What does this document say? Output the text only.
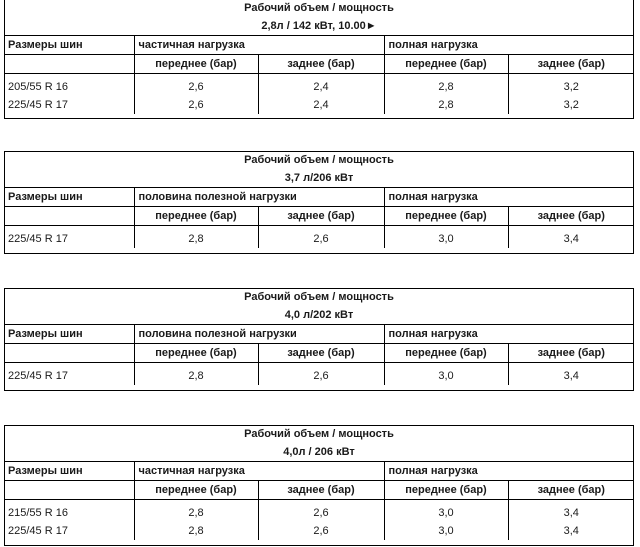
Рабочий объем / мощность				
2,8л / 142 кВт, 10.00►				
Размеры шин	частичная нагрузка		полная нагрузка	
	переднее (бар)	заднее (бар)	переднее (бар)	заднее (бар)

205/55 R 16	2,6	2,4	2,8	3,2
225/45 R 17	2,6	2,4	2,8	3,2
Рабочий объем / мощность				
3,7 л/206 кВт				
Размеры шин	половина полезной нагрузки		полная нагрузка	
	переднее (бар)	заднее (бар)	переднее (бар)	заднее (бар)

225/45 R 17	2,8	2,6	3,0	3,4
Рабочий объем / мощность				
4,0 л/202 кВт				
Размеры шин	половина полезной нагрузки		полная нагрузка	
	переднее (бар)	заднее (бар)	переднее (бар)	заднее (бар)

225/45 R 17	2,8	2,6	3,0	3,4
Рабочий объем / мощность				
4,0л / 206 кВт				
Размеры шин	частичная нагрузка		полная нагрузка	
	переднее (бар)	заднее (бар)	переднее (бар)	заднее (бар)

215/55 R 16	2,8	2,6	3,0	3,4
225/45 R 17	2,8	2,6	3,0	3,4
